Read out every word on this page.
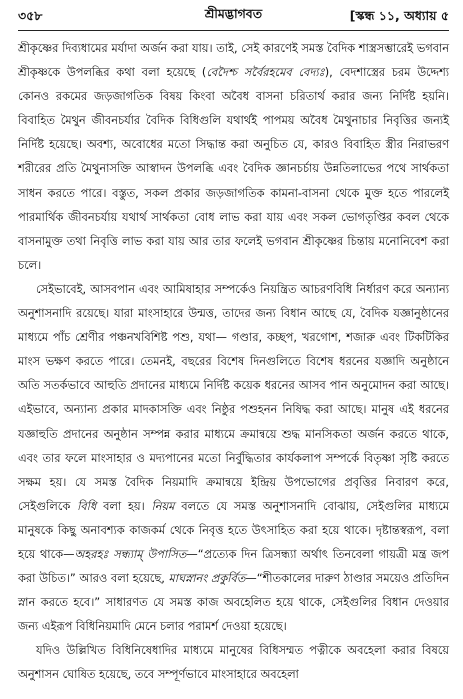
৩৫৮	শ্রীমদ্ভাগবত	[স্কন্ধ ১১, অধ্যায় ৫

শ্রীকৃষ্ণের দিব্যধামের মর্যাদা অর্জন করা যায়। তাই, সেই কারণেই সমস্ত বৈদিক শাস্ত্রসম্ভারেই ভগবান শ্রীকৃষ্ণকে উপলব্ধির কথা বলা হয়েছে (বেদৈশ্চ সর্বৈরহমেব বেদ্যঃ), বেদশাস্ত্রের চরম উদ্দেশ্য কোনও রকমের জড়জাগতিক বিষয় কিংবা অবৈধ বাসনা চরিতার্থ করার জন্য নির্দিষ্ট হয়নি। বিবাহিত মৈথুন জীবনচর্যার বৈদিক বিধিগুলি যথার্থই পাপময় অবৈধ মৈথুনাচার নিবৃত্তির জন্যই নির্দিষ্ট হয়েছে। অবশ্য, অবোধের মতো সিদ্ধান্ত করা অনুচিত যে, কারও বিবাহিত স্ত্রীর নিরাভরণ শরীরের প্রতি মৈথুনাসক্তি আস্বাদন উপলব্ধি এবং বৈদিক জ্ঞানচর্চায় উন্নতিলাভের পথে সার্থকতা সাধন করতে পারে। বস্তুত, সকল প্রকার জড়জাগতিক কামনা-বাসনা থেকে মুক্ত হতে পারলেই পারমার্থিক জীবনচর্যায় যথার্থ সার্থকতা বোধ লাভ করা যায় এবং সকল ভোগতৃপ্তির কবল থেকে বাসনামুক্ত তথা নিবৃত্তি লাভ করা যায় আর তার ফলেই ভগবান শ্রীকৃষ্ণের চিন্তায় মনোনিবেশ করা চলে।

সেইভাবেই, আসবপান এবং আমিষাহার সম্পর্কেও নিয়ন্ত্রিত আচরণবিধি নির্ধারণ করে অন্যান্য অনুশাসনাদি রয়েছে। যারা মাংসাহারে উন্মত্ত, তাদের জন্য বিধান আছে যে, বৈদিক যজ্ঞানুষ্ঠানের মাধ্যমে পাঁচ শ্রেণীর পঞ্চনখবিশিষ্ট পশু, যথা— গণ্ডার, কচ্ছপ, খরগোশ, শজারু এবং টিকটিকির মাংস ভক্ষণ করতে পারে। তেমনই, বছরের বিশেষ দিনগুলিতে বিশেষ ধরনের যজ্ঞাদি অনুষ্ঠানে অতি সতর্কভাবে আহুতি প্রদানের মাধ্যমে নির্দিষ্ট কয়েক ধরনের আসব পান অনুমোদন করা আছে। এইভাবে, অন্যান্য প্রকার মাদকাসক্তি এবং নিষ্ঠুর পশুহনন নিষিদ্ধ করা আছে। মানুষ এই ধরনের যজ্ঞাহুতি প্রদানের অনুষ্ঠান সম্পন্ন করার মাধ্যমে ক্রমান্বয়ে শুদ্ধ মানসিকতা অর্জন করতে থাকে, এবং তার ফলে মাংসাহার ও মদ্যপানের মতো নির্বুদ্ধিতার কার্যকলাপ সম্পর্কে বিতৃষ্ণা সৃষ্টি করতে সক্ষম হয়। যে সমস্ত বৈদিক নিয়মাদি ক্রমান্বয়ে ইন্দ্রিয় উপভোগের প্রবৃত্তির নিবারণ করে, সেইগুলিকে বিধি বলা হয়। নিয়ম বলতে যে সমস্ত অনুশাসনাদি বোঝায়, সেইগুলির মাধ্যমে মানুষকে কিছু অনাবশ্যক কাজকর্ম থেকে নিবৃত্ত হতে উৎসাহিত করা হয়ে থাকে। দৃষ্টান্তস্বরূপ, বলা হয়ে থাকে—অহরহঃ সন্ধ্যাম্ উপাসিত—“প্রত্যেক দিন ত্রিসন্ধ্যা অর্থাৎ তিনবেলা গায়ত্রী মন্ত্র জপ করা উচিত।” আরও বলা হয়েছে, মাঘস্নানং প্রকুর্বিত—“শীতকালের দারুণ ঠাণ্ডার সময়েও প্রতিদিন স্নান করতে হবে।” সাধারণত যে সমস্ত কাজ অবহেলিত হয়ে থাকে, সেইগুলির বিধান দেওয়ার জন্য এইরূপ বিধিনিয়মাদি মেনে চলার পরামর্শ দেওয়া হয়েছে।

যদিও উল্লিখিত বিধিনিষেধাদির মাধ্যমে মানুষের বিধিসম্মত পত্নীকে অবহেলা করার বিষয়ে অনুশাসন ঘোষিত হয়েছে, তবে সম্পূর্ণভাবে মাংসাহারে অবহেলা
